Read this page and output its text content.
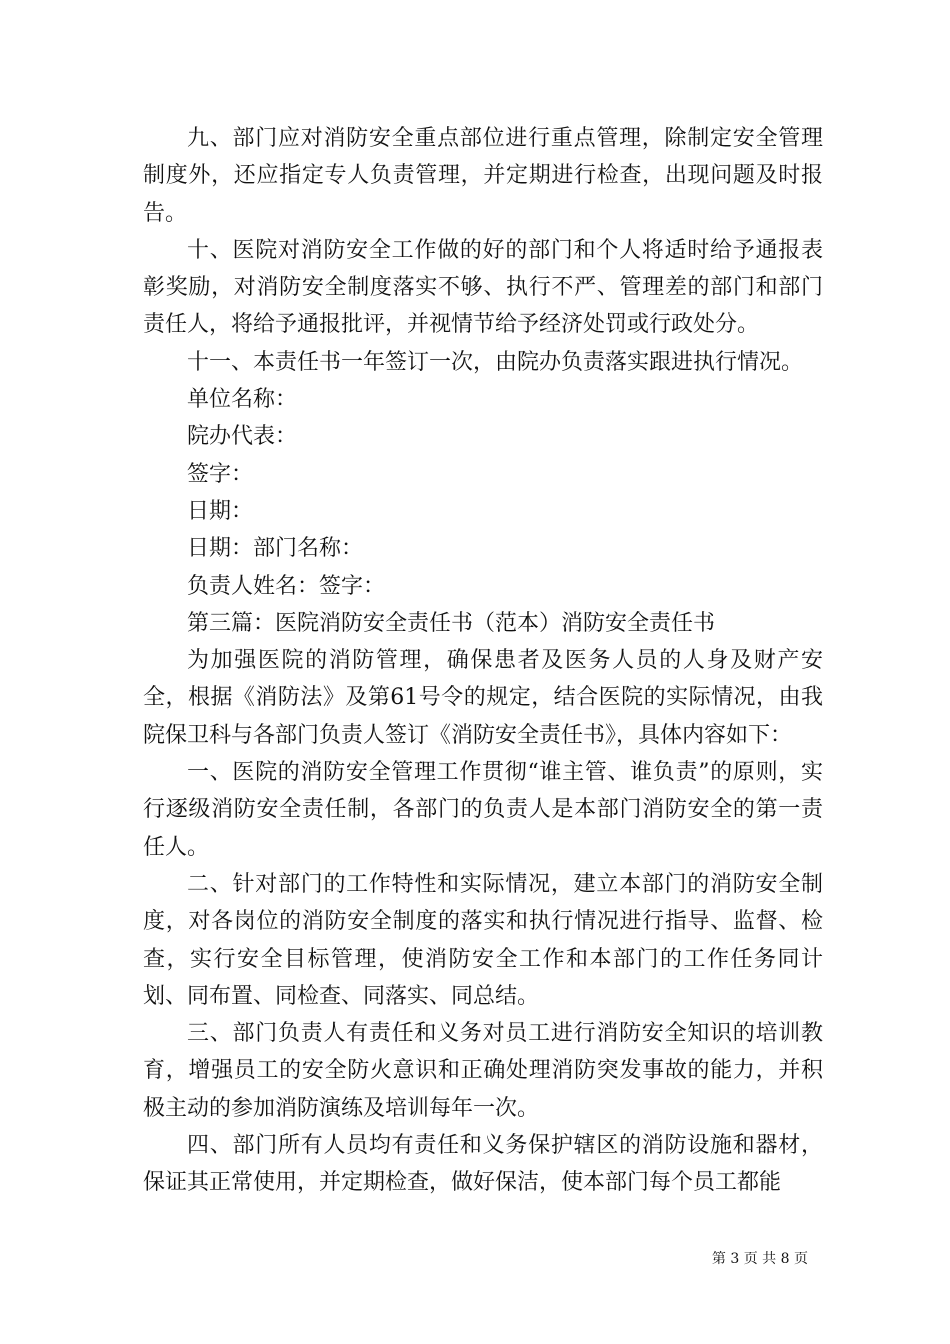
九、部门应对消防安全重点部位进行重点管理，除制定安全管理制度外，还应指定专人负责管理，并定期进行检查，出现问题及时报告。

十、医院对消防安全工作做的好的部门和个人将适时给予通报表彰奖励，对消防安全制度落实不够、执行不严、管理差的部门和部门责任人，将给予通报批评，并视情节给予经济处罚或行政处分。

十一、本责任书一年签订一次，由院办负责落实跟进执行情况。

单位名称：

院办代表：

签字：

日期：

日期：部门名称：

负责人姓名：签字：

第三篇：医院消防安全责任书（范本）消防安全责任书

为加强医院的消防管理，确保患者及医务人员的人身及财产安全，根据《消防法》及第61号令的规定，结合医院的实际情况，由我院保卫科与各部门负责人签订《消防安全责任书》，具体内容如下：

一、医院的消防安全管理工作贯彻“谁主管、谁负责”的原则，实行逐级消防安全责任制，各部门的负责人是本部门消防安全的第一责任人。

二、针对部门的工作特性和实际情况，建立本部门的消防安全制度，对各岗位的消防安全制度的落实和执行情况进行指导、监督、检查，实行安全目标管理，使消防安全工作和本部门的工作任务同计划、同布置、同检查、同落实、同总结。

三、部门负责人有责任和义务对员工进行消防安全知识的培训教育，增强员工的安全防火意识和正确处理消防突发事故的能力，并积极主动的参加消防演练及培训每年一次。

四、部门所有人员均有责任和义务保护辖区的消防设施和器材，保证其正常使用，并定期检查，做好保洁，使本部门每个员工都能

第 3 页 共 8 页
